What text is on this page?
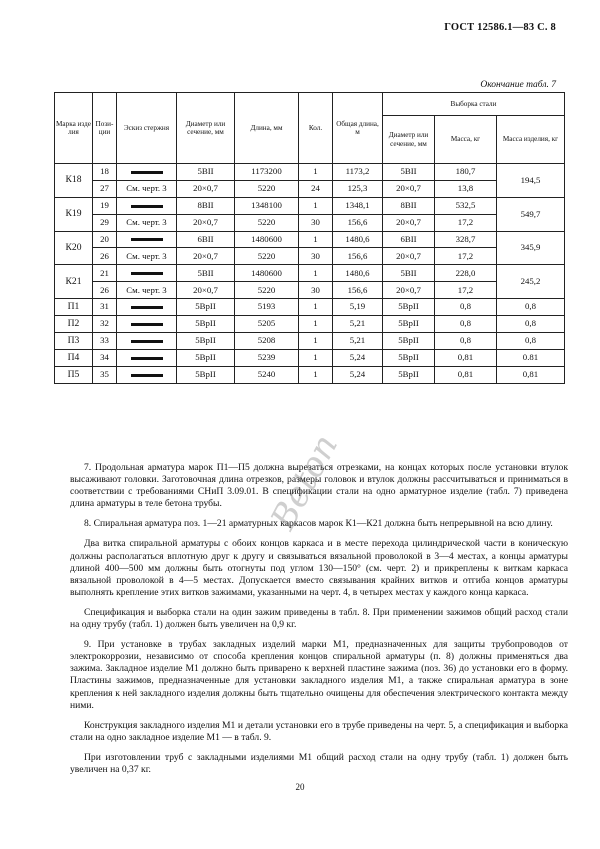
ГОСТ 12586.1—83 С. 8
Окончание табл. 7
Марка изде лия	Позиции	Эскиз стержня	Диаметр или сечение, мм	Длина, мм	Кол.	Общая длина, м	Выборка стали		
							Диаметр или сечение, мм	Масса, кг	Масса изделия, кг
К18	18		5ВII	1173200	1	1173,2	5ВII	180,7	194,5
	27	См. черт. 3	20×0,7	5220	24	125,3	20×0,7	13,8	
К19	19		8ВII	1348100	1	1348,1	8ВII	532,5	549,7
	29	См. черт. 3	20×0,7	5220	30	156,6	20×0,7	17,2	
К20	20		6ВII	1480600	1	1480,6	6ВII	328,7	345,9
	26	См. черт. 3	20×0,7	5220	30	156,6	20×0,7	17,2	
К21	21		5ВII	1480600	1	1480,6	5ВII	228,0	245,2
	26	См. черт. 3	20×0,7	5220	30	156,6	20×0,7	17,2	
П1	31		5ВрII	5193	1	5,19	5ВрII	0,8	0,8
П2	32		5ВрII	5205	1	5,21	5ВрII	0,8	0,8
П3	33		5ВрII	5208	1	5,21	5ВрII	0,8	0,8
П4	34		5ВрII	5239	1	5,24	5ВрII	0,81	0.81
П5	35		5ВрII	5240	1	5,24	5ВрII	0,81	0,81

7. Продольная арматура марок П1—П5 должна вырезаться отрезками, на концах которых после установки втулок высаживают головки. Заготовочная длина отрезков, размеры головок и втулок должны рассчитываться и приниматься в соответствии с требованиями СНиП 3.09.01. В спецификации стали на одно арматурное изделие (табл. 7) приведена длина арматуры в теле бетона трубы.

8. Спиральная арматура поз. 1—21 арматурных каркасов марок К1—К21 должна быть непрерывной на всю длину.

Два витка спиральной арматуры с обоих концов каркаса и в месте перехода цилиндрической части в коническую должны располагаться вплотную друг к другу и связываться вязальной проволокой в 3—4 местах, а концы арматуры длиной 400—500 мм должны быть отогнуты под углом 130—150° (см. черт. 2) и прикреплены к виткам каркаса вязальной проволокой в 4—5 местах. Допускается вместо связывания крайних витков и отгиба концов арматуры выполнять крепление этих витков зажимами, указанными на черт. 4, в четырех местах у каждого конца каркаса.

Спецификация и выборка стали на один зажим приведены в табл. 8. При применении зажимов общий расход стали на одну трубу (табл. 1) должен быть увеличен на 0,9 кг.

9. При установке в трубах закладных изделий марки М1, предназначенных для защиты трубопроводов от электрокоррозии, независимо от способа крепления концов спиральной арматуры (п. 8) должны применяться два зажима. Закладное изделие М1 должно быть приварено к верхней пластине зажима (поз. 36) до установки его в форму. Пластины зажимов, предназначенные для установки закладного изделия М1, а также спиральная арматура в зоне крепления к ней закладного изделия должны быть тщательно очищены для обеспечения электрического контакта между ними.

Конструкция закладного изделия М1 и детали установки его в трубе приведены на черт. 5, а спецификация и выборка стали на одно закладное изделие М1 — в табл. 9.

При изготовлении труб с закладными изделиями М1 общий расход стали на одну трубу (табл. 1) должен быть увеличен на 0,37 кг.

20
Beton
